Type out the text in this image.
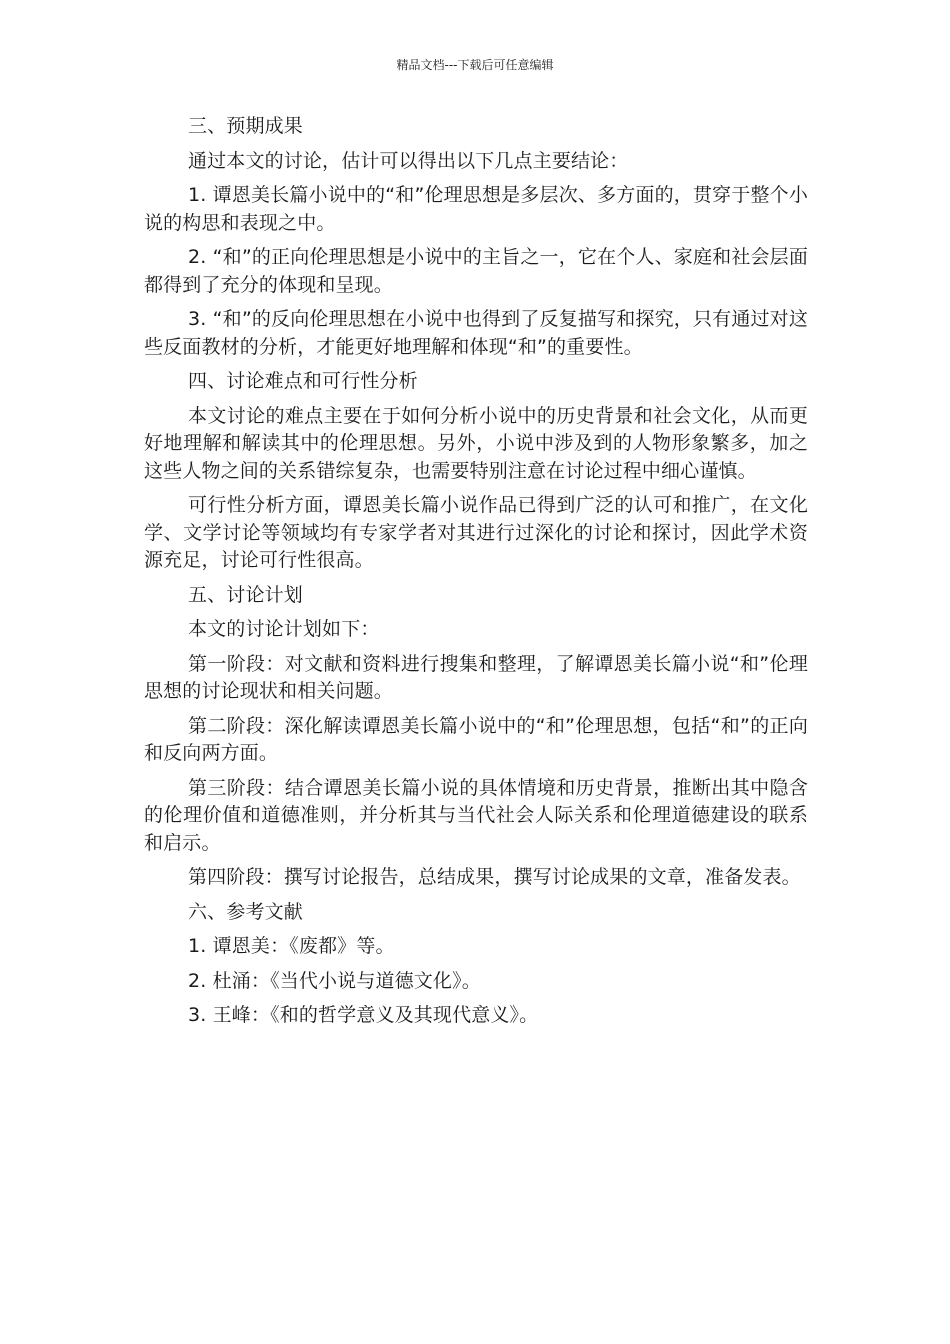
精品文档---下载后可任意编辑

三、预期成果

通过本文的讨论，估计可以得出以下几点主要结论：

1. 谭恩美长篇小说中的“和”伦理思想是多层次、多方面的，贯穿于整个小说的构思和表现之中。

2. “和”的正向伦理思想是小说中的主旨之一，它在个人、家庭和社会层面都得到了充分的体现和呈现。

3. “和”的反向伦理思想在小说中也得到了反复描写和探究，只有通过对这些反面教材的分析，才能更好地理解和体现“和”的重要性。

四、讨论难点和可行性分析

本文讨论的难点主要在于如何分析小说中的历史背景和社会文化，从而更好地理解和解读其中的伦理思想。另外，小说中涉及到的人物形象繁多，加之这些人物之间的关系错综复杂，也需要特别注意在讨论过程中细心谨慎。

可行性分析方面，谭恩美长篇小说作品已得到广泛的认可和推广，在文化学、文学讨论等领域均有专家学者对其进行过深化的讨论和探讨，因此学术资源充足，讨论可行性很高。

五、讨论计划

本文的讨论计划如下：

第一阶段：对文献和资料进行搜集和整理，了解谭恩美长篇小说“和”伦理思想的讨论现状和相关问题。

第二阶段：深化解读谭恩美长篇小说中的“和”伦理思想，包括“和”的正向和反向两方面。

第三阶段：结合谭恩美长篇小说的具体情境和历史背景，推断出其中隐含的伦理价值和道德准则，并分析其与当代社会人际关系和伦理道德建设的联系和启示。

第四阶段：撰写讨论报告，总结成果，撰写讨论成果的文章，准备发表。

六、参考文献

1. 谭恩美：《废都》等。

2. 杜涌：《当代小说与道德文化》。

3. 王峰：《和的哲学意义及其现代意义》。
